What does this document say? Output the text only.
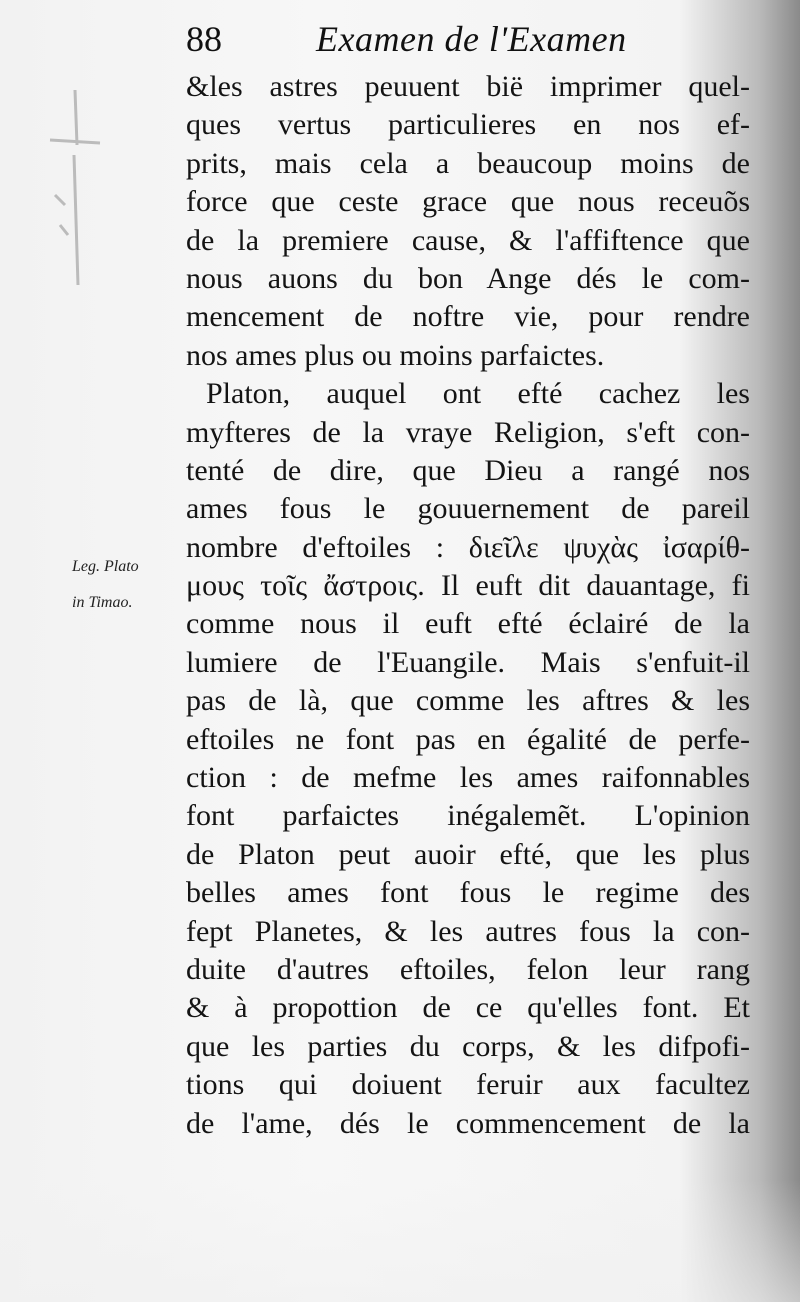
88	Examen de l'Examen
Leg. Plato
in Timao.
&les astres peuuent bië imprimer quel-
ques vertus particulieres en nos ef-
prits, mais cela a beaucoup moins de
force que ceste grace que nous receuõs
de la premiere cause, & l'affiftence que
nous auons du bon Ange dés le com-
mencement de noftre vie, pour rendre
nos ames plus ou moins parfaictes.
Platon, auquel ont efté cachez les
myfteres de la vraye Religion, s'eft con-
tenté de dire, que Dieu a rangé nos
ames fous le gouuernement de pareil
nombre d'eftoiles : διεῖλε ψυχὰς ἰσαρίθ-
μους τοῖς ἄστροις. Il euft dit dauantage, fi
comme nous il euft efté éclairé de la
lumiere de l'Euangile. Mais s'enfuit-il
pas de là, que comme les aftres & les
eftoiles ne font pas en égalité de perfe-
ction : de mefme les ames raifonnables
font parfaictes inégalemẽt. L'opinion
de Platon peut auoir efté, que les plus
belles ames font fous le regime des
fept Planetes, & les autres fous la con-
duite d'autres eftoiles, felon leur rang
& à propottion de ce qu'elles font. Et
que les parties du corps, & les difpofi-
tions qui doiuent feruir aux facultez
de l'ame, dés le commencement de la
